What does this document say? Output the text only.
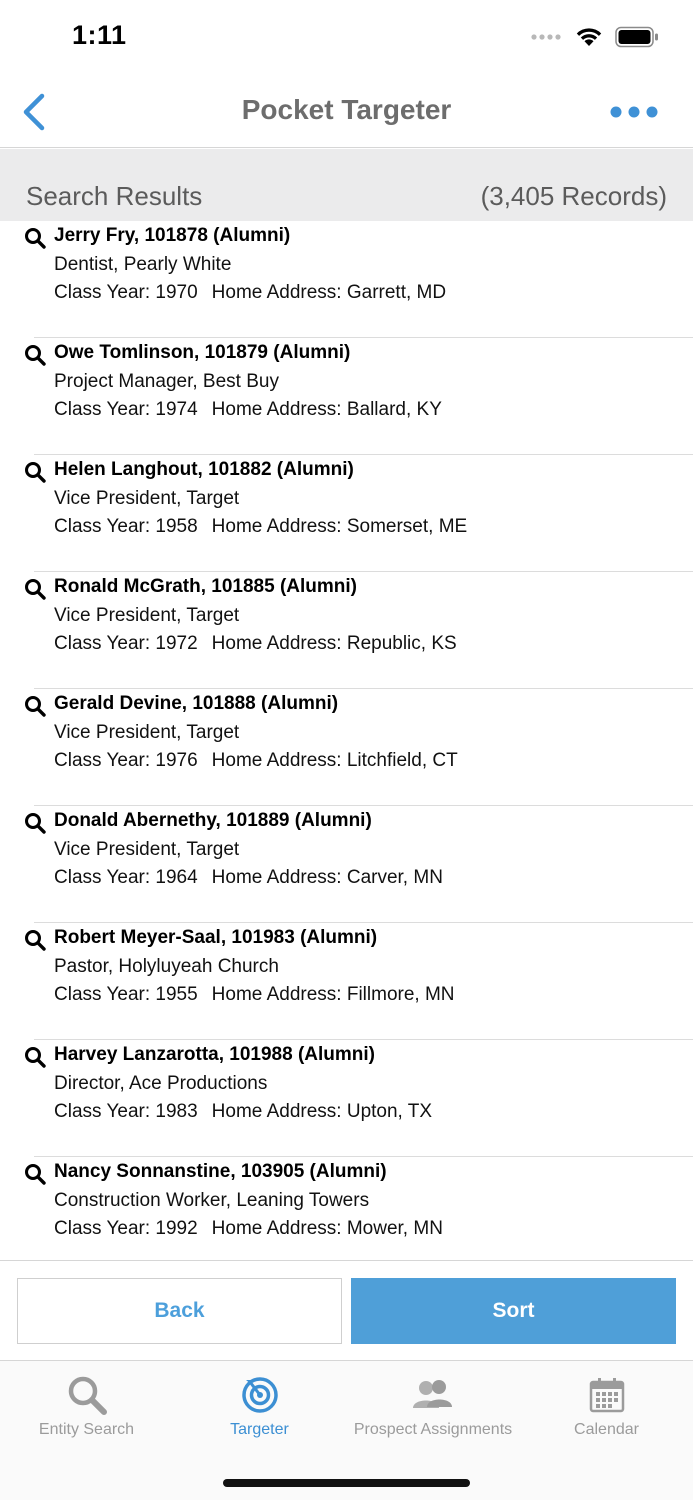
1:11
Pocket Targeter
Search Results	(3,405 Records)
Jerry Fry, 101878 (Alumni)
Dentist, Pearly White
Class Year: 1970 Home Address: Garrett, MD
Owe Tomlinson, 101879 (Alumni)
Project Manager, Best Buy
Class Year: 1974 Home Address: Ballard, KY
Helen Langhout, 101882 (Alumni)
Vice President, Target
Class Year: 1958 Home Address: Somerset, ME
Ronald McGrath, 101885 (Alumni)
Vice President, Target
Class Year: 1972 Home Address: Republic, KS
Gerald Devine, 101888 (Alumni)
Vice President, Target
Class Year: 1976 Home Address: Litchfield, CT
Donald Abernethy, 101889 (Alumni)
Vice President, Target
Class Year: 1964 Home Address: Carver, MN
Robert Meyer-Saal, 101983 (Alumni)
Pastor, Holyluyeah Church
Class Year: 1955 Home Address: Fillmore, MN
Harvey Lanzarotta, 101988 (Alumni)
Director, Ace Productions
Class Year: 1983 Home Address: Upton, TX
Nancy Sonnanstine, 103905 (Alumni)
Construction Worker, Leaning Towers
Class Year: 1992 Home Address: Mower, MN
Back	Sort
Entity Search	Targeter	Prospect Assignments	Calendar
